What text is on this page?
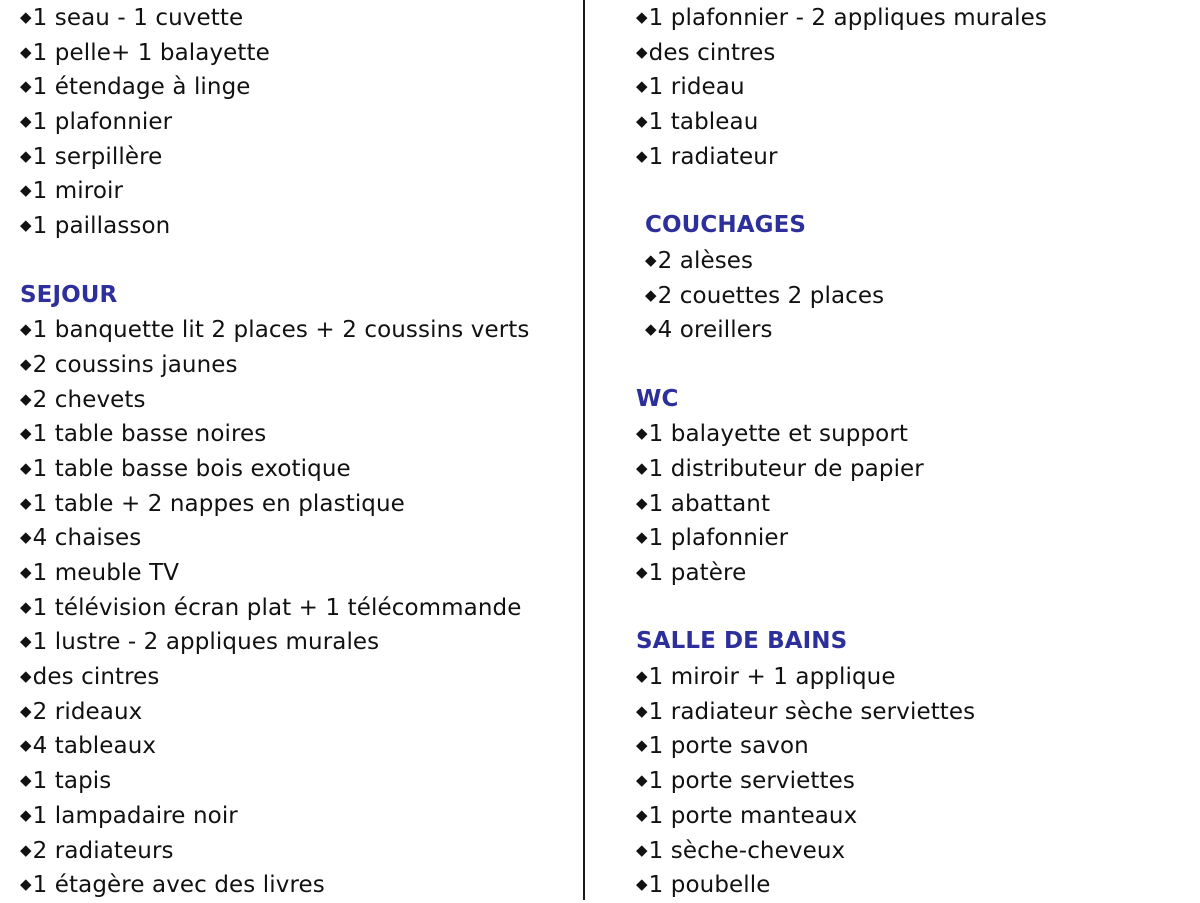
◆1 seau - 1 cuvette
◆1 pelle+ 1 balayette
◆1 étendage à linge
◆1 plafonnier
◆1 serpillère
◆1 miroir
◆1 paillasson
SEJOUR
◆1 banquette lit 2 places + 2 coussins verts
◆2 coussins jaunes
◆2 chevets
◆1 table basse noires
◆1 table basse bois exotique
◆1 table + 2 nappes en plastique
◆4 chaises
◆1 meuble TV
◆1 télévision écran plat + 1 télécommande
◆1 lustre - 2 appliques murales
◆des cintres
◆2 rideaux
◆4 tableaux
◆1 tapis
◆1 lampadaire noir
◆2 radiateurs
◆1 étagère avec des livres
◆1 plafonnier - 2 appliques murales
◆des cintres
◆1 rideau
◆1 tableau
◆1 radiateur
COUCHAGES
◆2 alèses
◆2 couettes 2 places
◆4 oreillers
WC
◆1 balayette et support
◆1 distributeur de papier
◆1 abattant
◆1 plafonnier
◆1 patère
SALLE DE BAINS
◆1 miroir + 1 applique
◆1 radiateur sèche serviettes
◆1 porte savon
◆1 porte serviettes
◆1 porte manteaux
◆1 sèche-cheveux
◆1 poubelle
